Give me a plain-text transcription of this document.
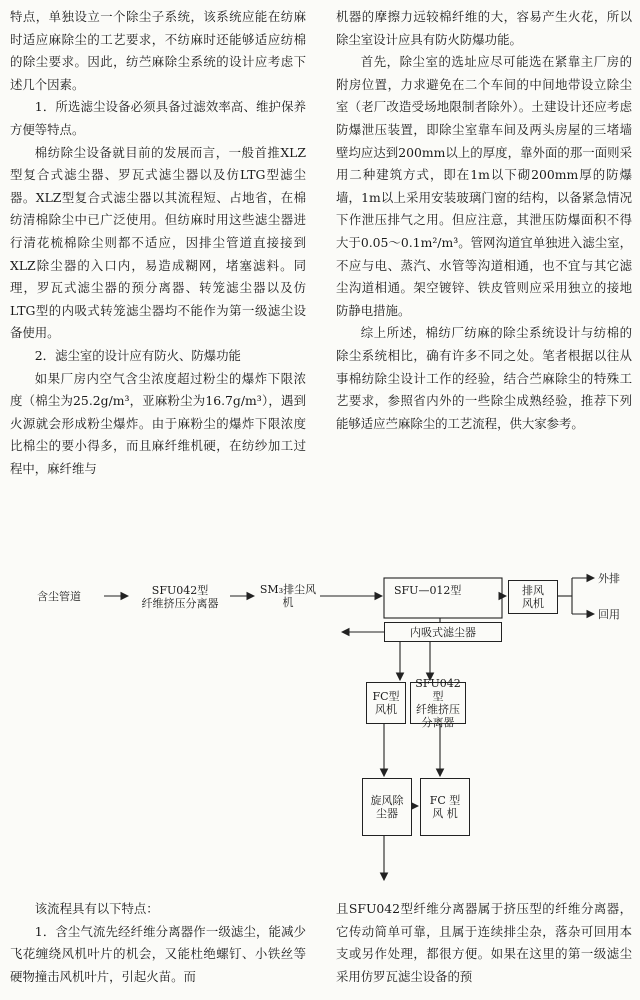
特点，单独设立一个除尘子系统，该系统应能在纺麻时适应麻除尘的工艺要求，不纺麻时还能够适应纺棉的除尘要求。因此，纺苎麻除尘系统的设计应考虑下述几个因素。

1．所选滤尘设备必须具备过滤效率高、维护保养方便等特点。

棉纺除尘设备就目前的发展而言，一般首推XLZ型复合式滤尘器、罗瓦式滤尘器以及仿LTG型滤尘器。XLZ型复合式滤尘器以其流程短、占地省，在棉纺清棉除尘中已广泛使用。但纺麻时用这些滤尘器进行清花梳棉除尘则都不适应，因排尘管道直接接到XLZ除尘器的入口内，易造成糊网，堵塞滤料。同理，罗瓦式滤尘器的预分离器、转笼滤尘器以及仿LTG型的内吸式转笼滤尘器均不能作为第一级滤尘设备使用。

2．滤尘室的设计应有防火、防爆功能

如果厂房内空气含尘浓度超过粉尘的爆炸下限浓度（棉尘为25.2g/m³，亚麻粉尘为16.7g/m³），遇到火源就会形成粉尘爆炸。由于麻粉尘的爆炸下限浓度比棉尘的要小得多，而且麻纤维机硬，在纺纱加工过程中，麻纤维与

机器的摩擦力远较棉纤维的大，容易产生火花，所以除尘室设计应具有防火防爆功能。

首先，除尘室的选址应尽可能选在紧靠主厂房的附房位置，力求避免在二个车间的中间地带设立除尘室（老厂改造受场地限制者除外）。土建设计还应考虑防爆泄压装置，即除尘室靠车间及两头房屋的三堵墙壁均应达到200mm以上的厚度，靠外面的那一面则采用二种建筑方式，即在1m以下砌200mm厚的防爆墙，1m以上采用安装玻璃门窗的结构，以备紧急情况下作泄压排气之用。但应注意，其泄压防爆面积不得大于0.05～0.1m²/m³。管网沟道宜单独进入滤尘室，不应与电、蒸汽、水管等沟道相通，也不宜与其它滤尘沟道相通。架空镀锌、铁皮管则应采用独立的接地防静电措施。

综上所述，棉纺厂纺麻的除尘系统设计与纺棉的除尘系统相比，确有许多不同之处。笔者根据以往从事棉纺除尘设计工作的经验，结合苎麻除尘的特殊工艺要求，参照省内外的一些除尘成熟经验，推荐下列能够适应苎麻除尘的工艺流程，供大家参考。

含尘管道	SFU042型
纤维挤压分离器
SM₃排尘风机
SFU—012型
内吸式滤尘器
排风
风机
外排
回用
FC型
风机
SFU042型
纤维挤压
分离器
旋风除
尘器
FC 型
风 机

该流程具有以下特点：

1．含尘气流先经纤维分离器作一级滤尘，能减少飞花缠绕风机叶片的机会，又能杜绝螺钉、小铁丝等硬物撞击风机叶片，引起火苗。而

且SFU042型纤维分离器属于挤压型的纤维分离器，它传动简单可靠，且属于连续排尘杂，落杂可回用本支或另作处理，都很方便。如果在这里的第一级滤尘采用仿罗瓦滤尘设备的预
